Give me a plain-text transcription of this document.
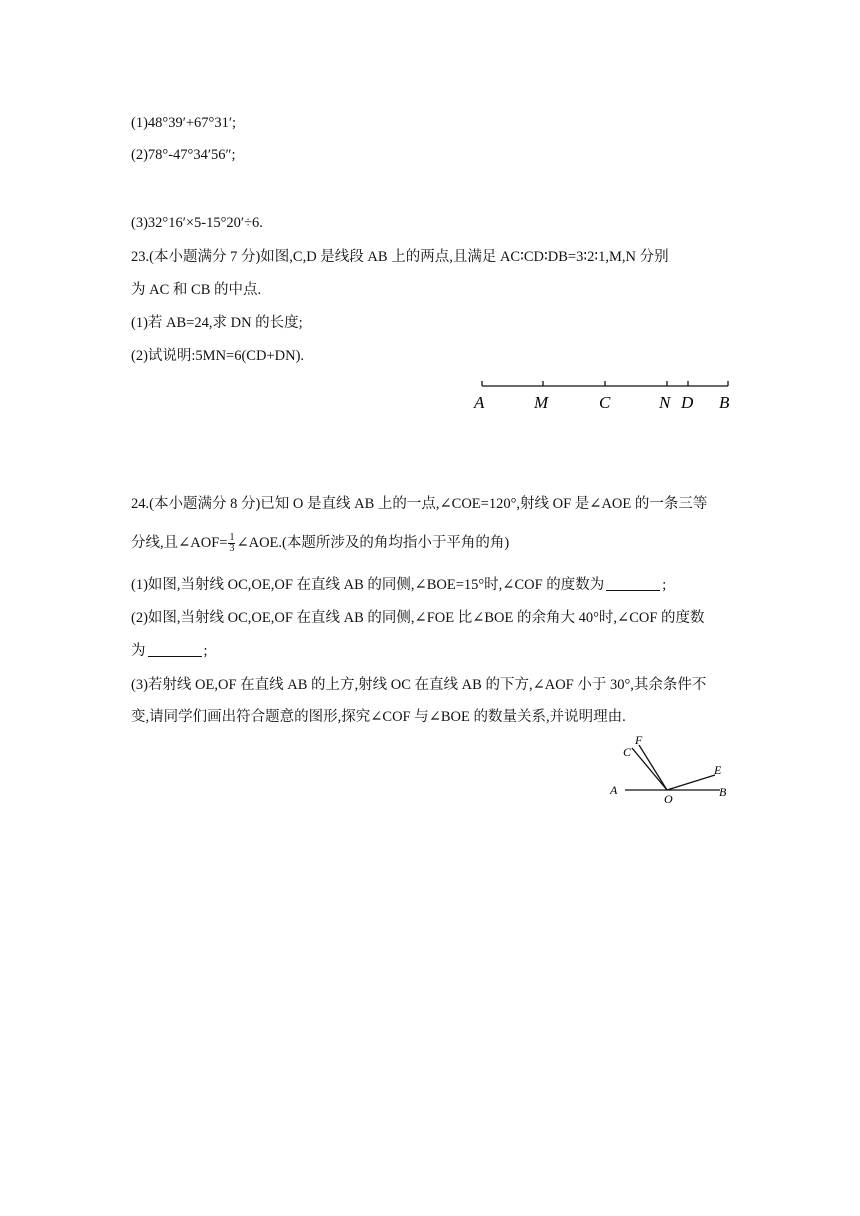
(1)48°39′+67°31′;
(2)78°-47°34′56″;
(3)32°16′×5-15°20′÷6.
23.(本小题满分 7 分)如图,C,D 是线段 AB 上的两点,且满足 AC∶CD∶DB=3∶2∶1,M,N 分别
为 AC 和 CB 的中点.
(1)若 AB=24,求 DN 的长度;
(2)试说明:5MN=6(CD+DN).
A	M	C	N D B
24.(本小题满分 8 分)已知 O 是直线 AB 上的一点,∠COE=120°,射线 OF 是∠AOE 的一条三等
分线,且∠AOF= $\frac{1}{3}$ ∠AOE.(本题所涉及的角均指小于平角的角)
(1)如图,当射线 OC,OE,OF 在直线 AB 的同侧,∠BOE=15°时,∠COF 的度数为	;
(2)如图,当射线 OC,OE,OF 在直线 AB 的同侧,∠FOE 比∠BOE 的余角大 40°时,∠COF 的度数
为	;
(3)若射线 OE,OF 在直线 AB 的上方,射线 OC 在直线 AB 的下方,∠AOF 小于 30°,其余条件不
变,请同学们画出符合题意的图形,探究∠COF 与∠BOE 的数量关系,并说明理由.
C
F
E
A
O	B
